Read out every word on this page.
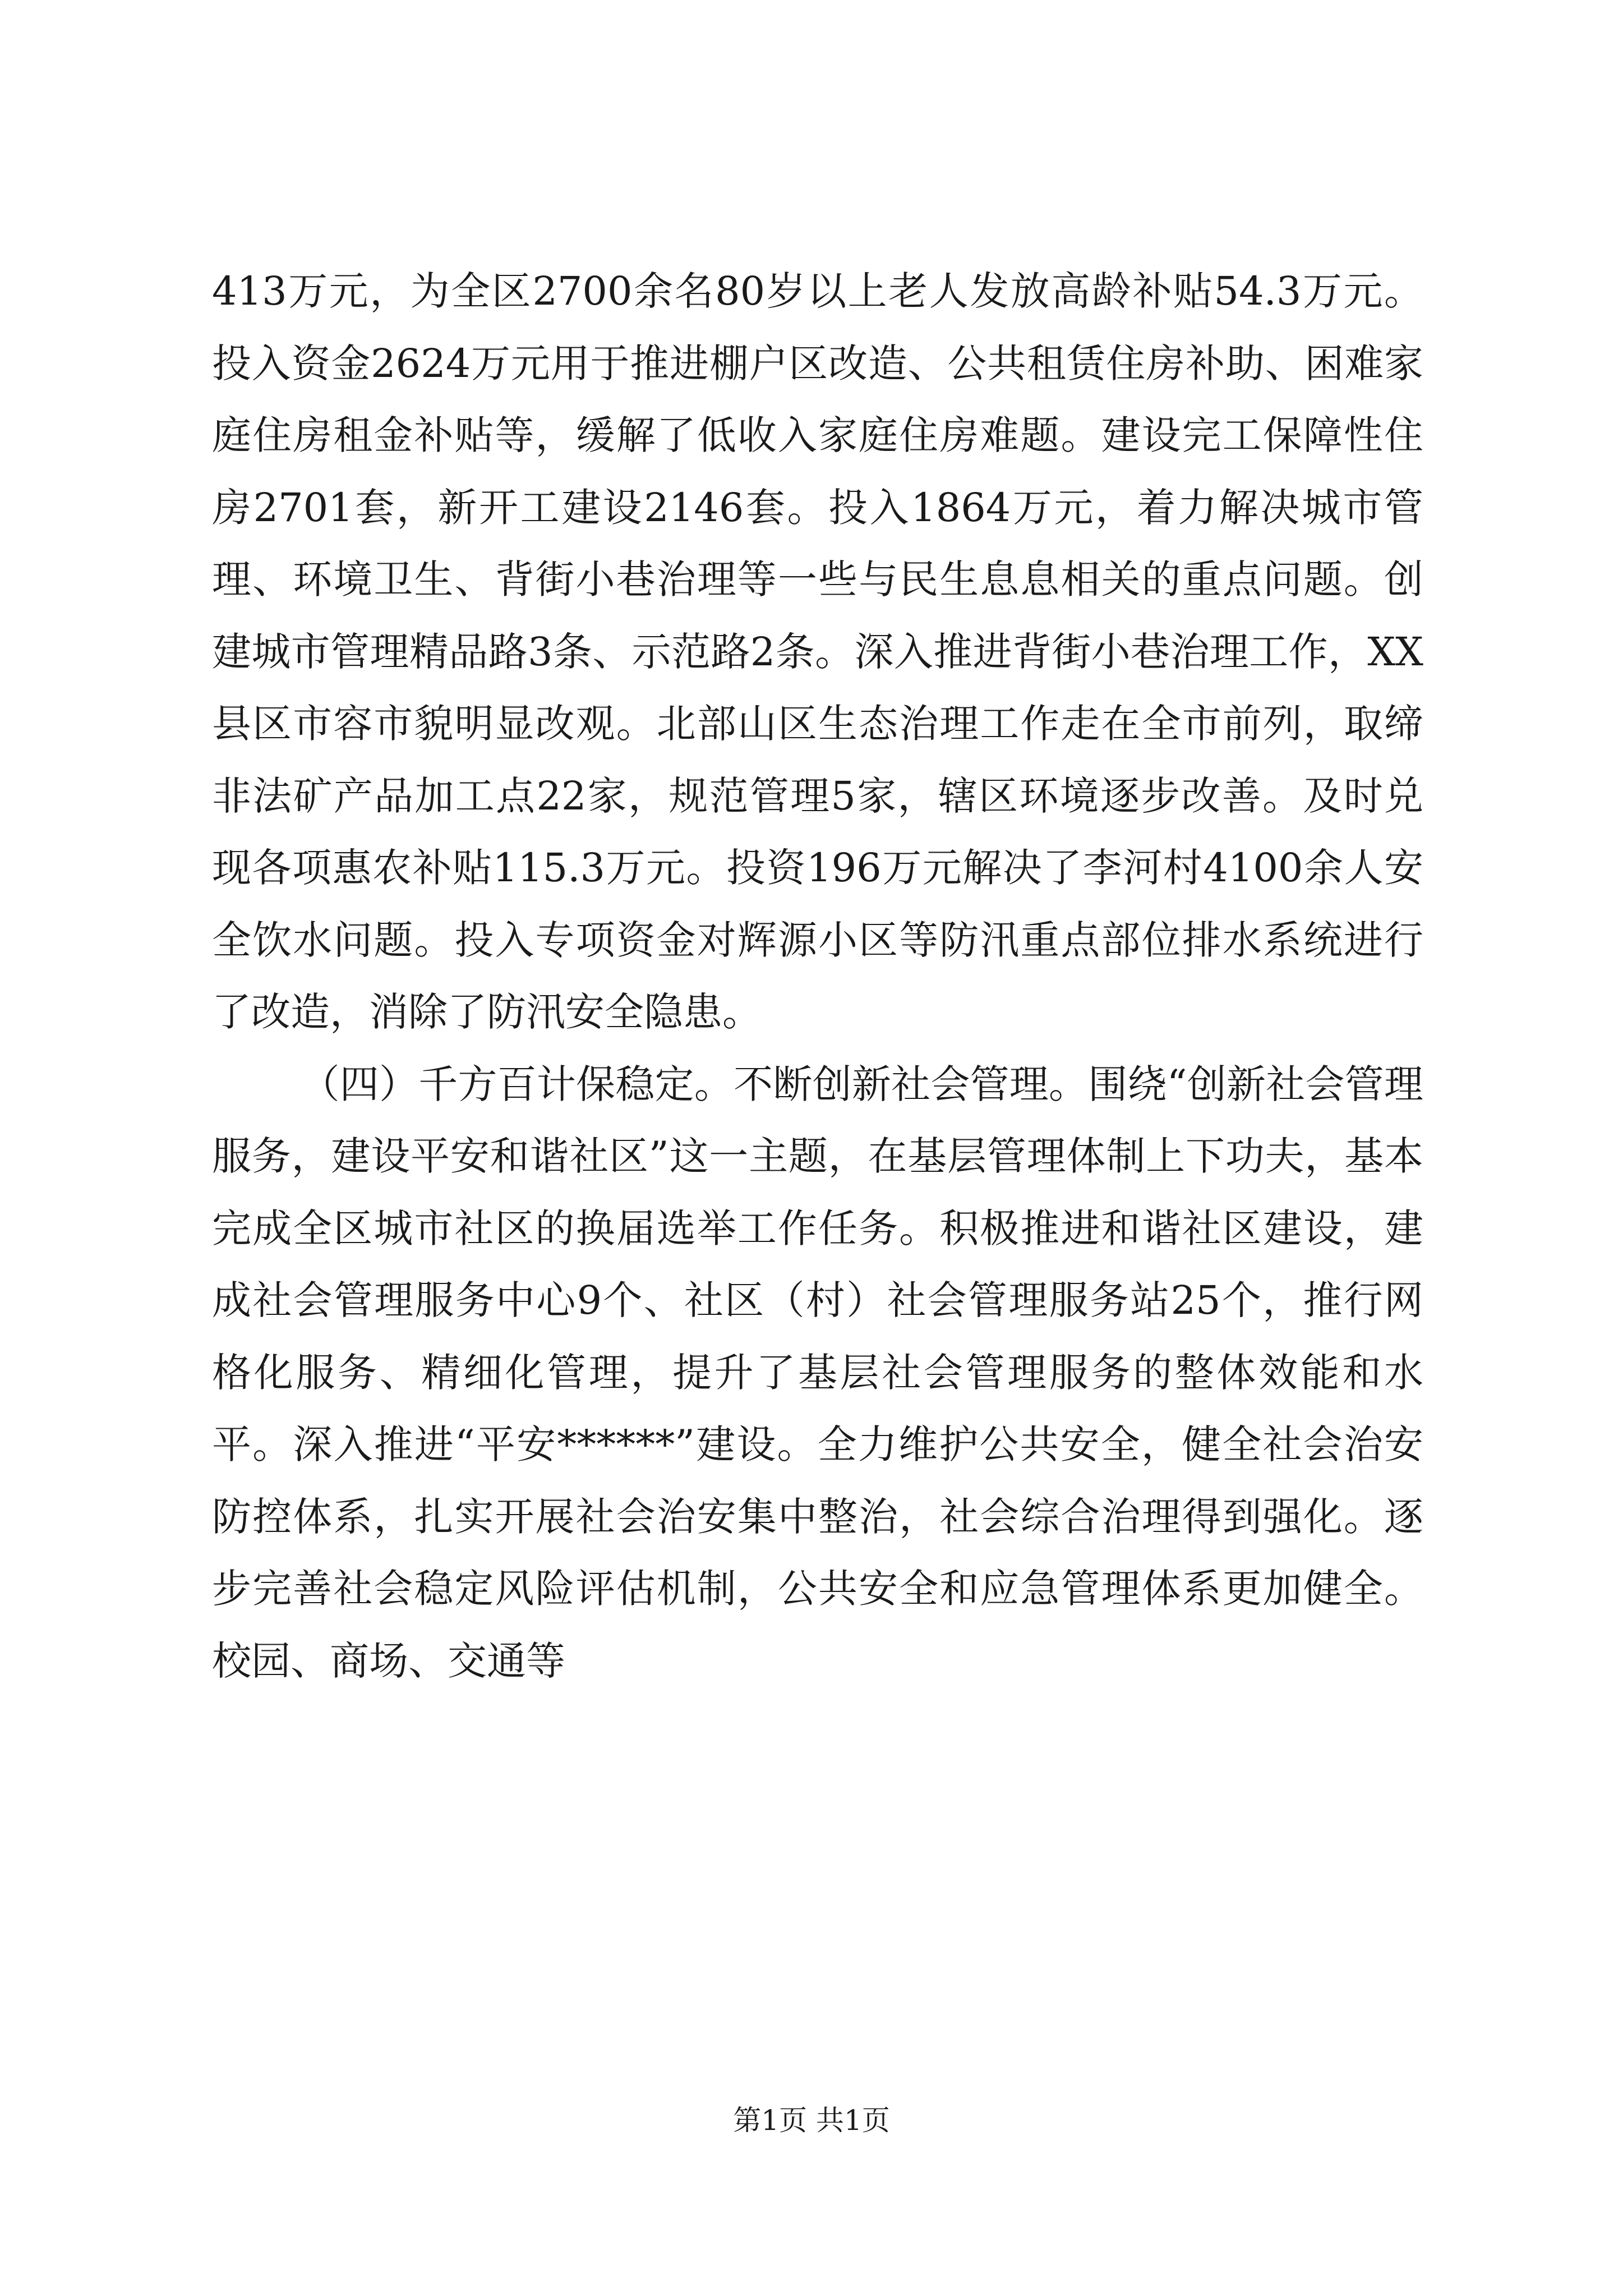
413万元，为全区2700余名80岁以上老人发放高龄补贴54.3万元。投入资金2624万元用于推进棚户区改造、公共租赁住房补助、困难家庭住房租金补贴等，缓解了低收入家庭住房难题。建设完工保障性住房2701套，新开工建设2146套。投入1864万元，着力解决城市管理、环境卫生、背街小巷治理等一些与民生息息相关的重点问题。创建城市管理精品路3条、示范路2条。深入推进背街小巷治理工作，XX县区市容市貌明显改观。北部山区生态治理工作走在全市前列，取缔非法矿产品加工点22家，规范管理5家，辖区环境逐步改善。及时兑现各项惠农补贴115.3万元。投资196万元解决了李河村4100余人安全饮水问题。投入专项资金对辉源小区等防汛重点部位排水系统进行了改造，消除了防汛安全隐患。

（四）千方百计保稳定。不断创新社会管理。围绕“创新社会管理服务，建设平安和谐社区”这一主题，在基层管理体制上下功夫，基本完成全区城市社区的换届选举工作任务。积极推进和谐社区建设，建成社会管理服务中心9个、社区（村）社会管理服务站25个，推行网格化服务、精细化管理，提升了基层社会管理服务的整体效能和水平。深入推进“平安******”建设。全力维护公共安全，健全社会治安防控体系，扎实开展社会治安集中整治，社会综合治理得到强化。逐步完善社会稳定风险评估机制，公共安全和应急管理体系更加健全。校园、商场、交通等

第1页 共1页
